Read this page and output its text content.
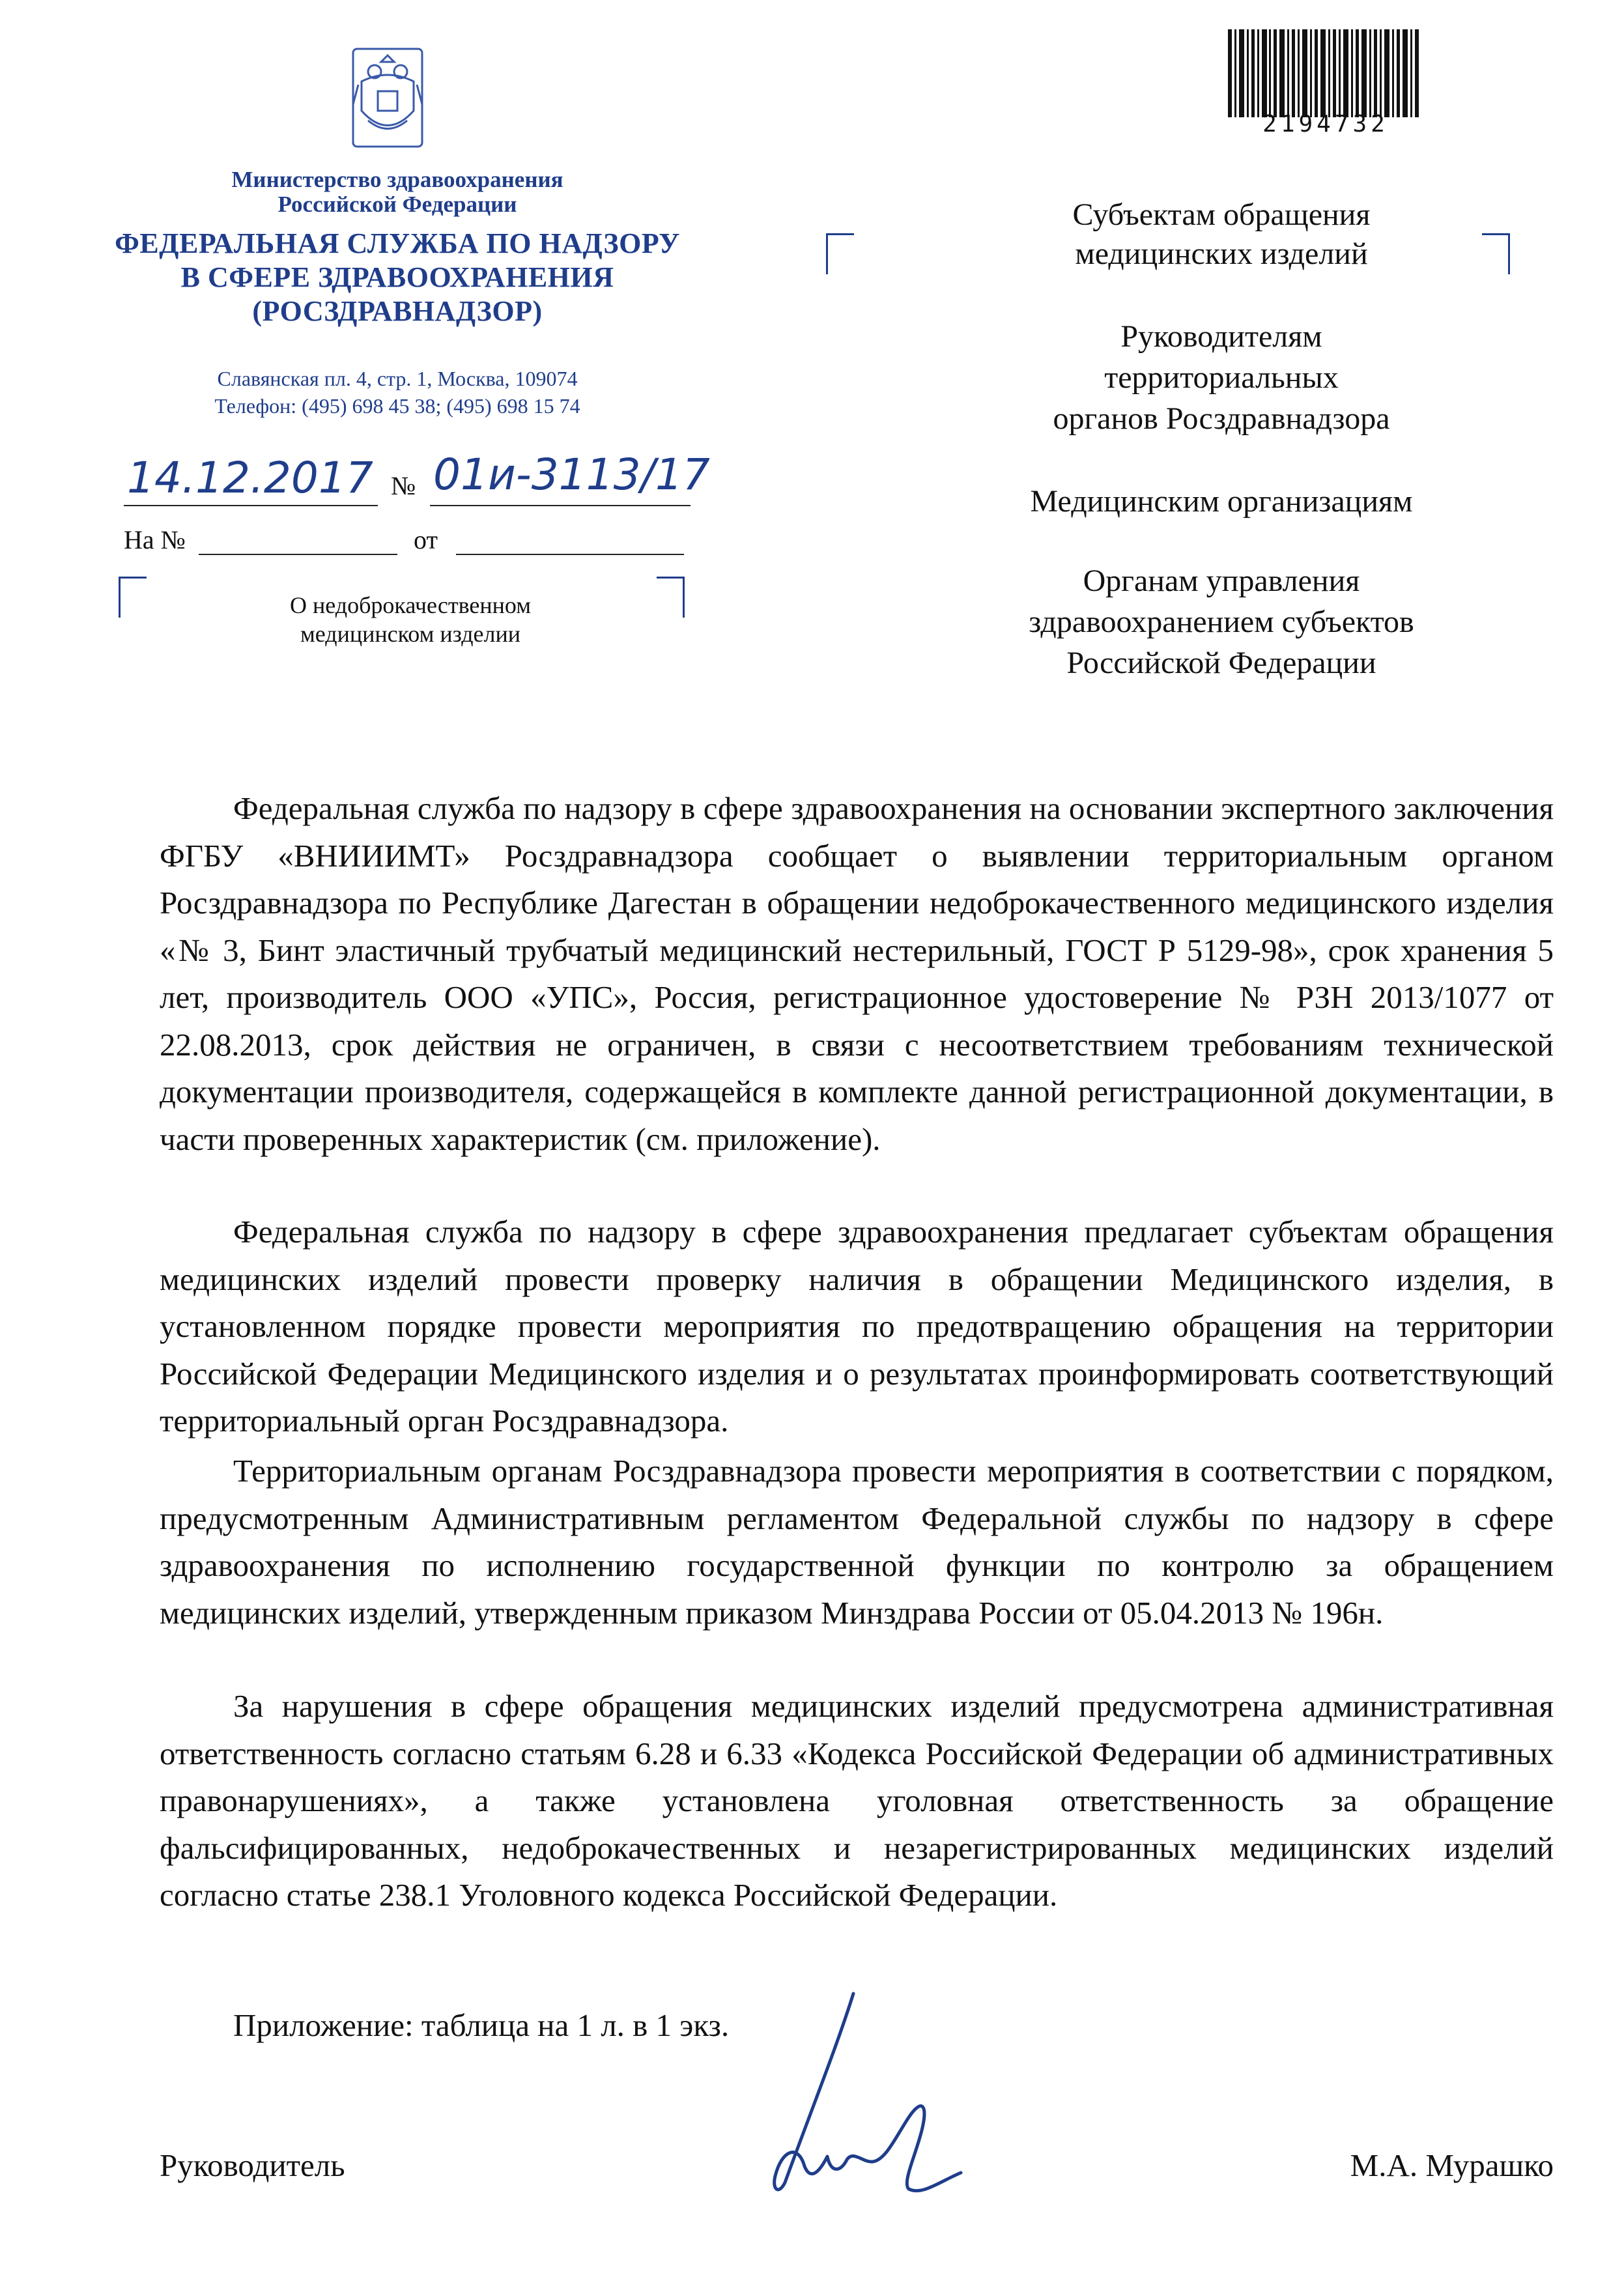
Министерство здравоохранения
Российской Федерации
ФЕДЕРАЛЬНАЯ СЛУЖБА ПО НАДЗОРУ
В СФЕРЕ ЗДРАВООХРАНЕНИЯ
(РОСЗДРАВНАДЗОР)
Славянская пл. 4, стр. 1, Москва, 109074
Телефон: (495) 698 45 38; (495) 698 15 74
14.12.2017 № 01и-3113/17
На №	от
О недоброкачественном
медицинском изделии
2194732
Субъектам обращения
медицинских изделий
Руководителям
территориальных
органов Росздравнадзора
Медицинским организациям
Органам управления
здравоохранением субъектов
Российской Федерации

Федеральная служба по надзору в сфере здравоохранения на основании экспертного заключения ФГБУ «ВНИИИМТ» Росздравнадзора сообщает о выявлении территориальным органом Росздравнадзора по Республике Дагестан в обращении недоброкачественного медицинского изделия «№ 3, Бинт эластичный трубчатый медицинский нестерильный, ГОСТ Р 5129-98», срок хранения 5 лет, производитель ООО «УПС», Россия, регистрационное удостоверение № РЗН 2013/1077 от 22.08.2013, срок действия не ограничен, в связи с несоответствием требованиям технической документации производителя, содержащейся в комплекте данной регистрационной документации, в части проверенных характеристик (см. приложение).

Федеральная служба по надзору в сфере здравоохранения предлагает субъектам обращения медицинских изделий провести проверку наличия в обращении Медицинского изделия, в установленном порядке провести мероприятия по предотвращению обращения на территории Российской Федерации Медицинского изделия и о результатах проинформировать соответствующий территориальный орган Росздравнадзора.

Территориальным органам Росздравнадзора провести мероприятия в соответствии с порядком, предусмотренным Административным регламентом Федеральной службы по надзору в сфере здравоохранения по исполнению государственной функции по контролю за обращением медицинских изделий, утвержденным приказом Минздрава России от 05.04.2013 № 196н.

За нарушения в сфере обращения медицинских изделий предусмотрена административная ответственность согласно статьям 6.28 и 6.33 «Кодекса Российской Федерации об административных правонарушениях», а также установлена уголовная ответственность за обращение фальсифицированных, недоброкачественных и незарегистрированных медицинских изделий согласно статье 238.1 Уголовного кодекса Российской Федерации.

Приложение: таблица на 1 л. в 1 экз.
Руководитель	М.А. Мурашко
